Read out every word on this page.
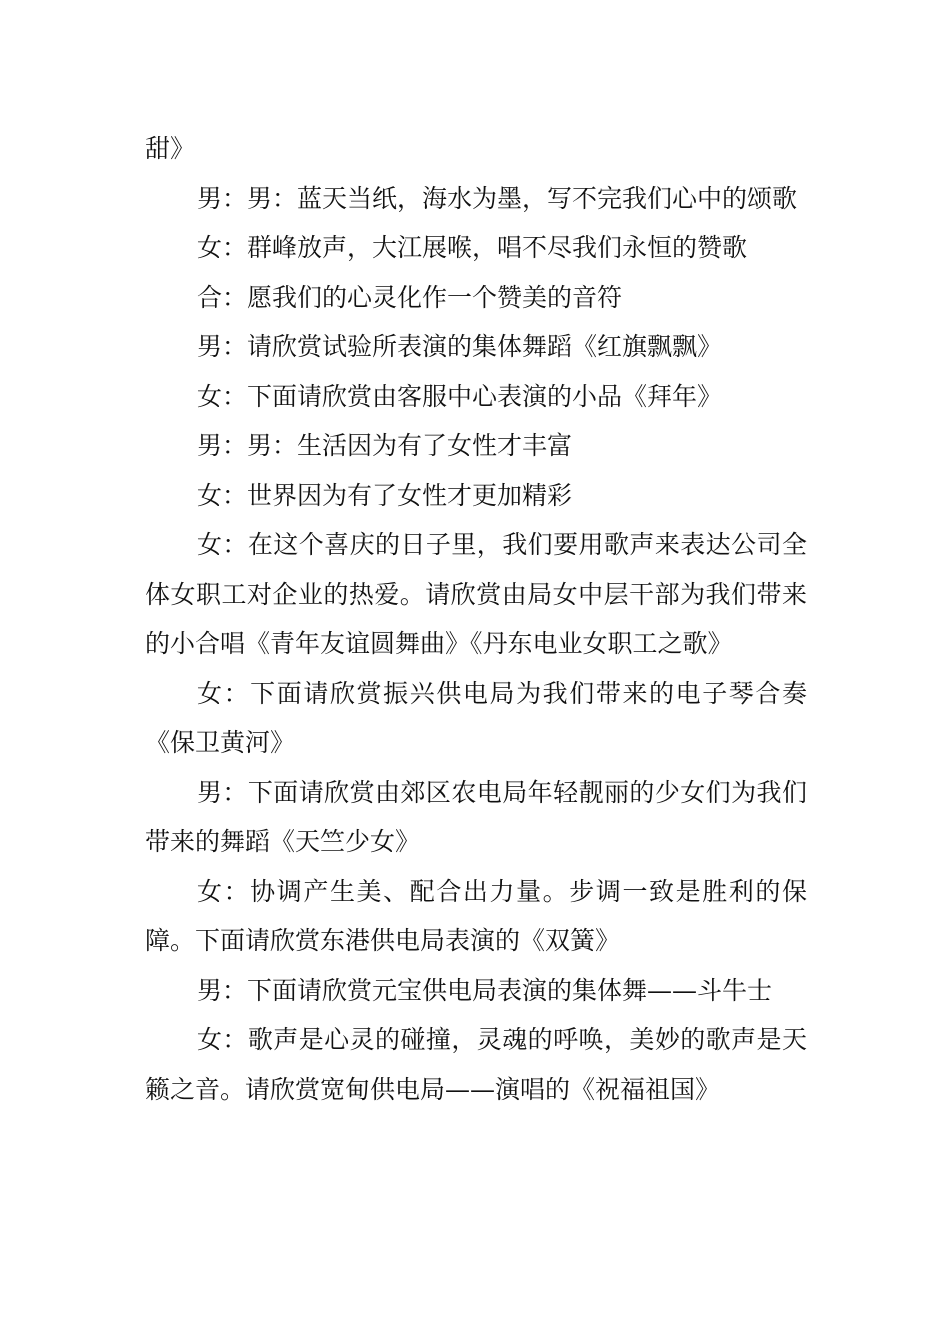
甜》

男：男：蓝天当纸，海水为墨，写不完我们心中的颂歌

女：群峰放声，大江展喉，唱不尽我们永恒的赞歌

合：愿我们的心灵化作一个赞美的音符

男：请欣赏试验所表演的集体舞蹈《红旗飘飘》

女：下面请欣赏由客服中心表演的小品《拜年》

男：男：生活因为有了女性才丰富

女：世界因为有了女性才更加精彩

女：在这个喜庆的日子里，我们要用歌声来表达公司全体女职工对企业的热爱。请欣赏由局女中层干部为我们带来的小合唱《青年友谊圆舞曲》《丹东电业女职工之歌》

女：下面请欣赏振兴供电局为我们带来的电子琴合奏《保卫黄河》

男：下面请欣赏由郊区农电局年轻靓丽的少女们为我们带来的舞蹈《天竺少女》

女：协调产生美、配合出力量。步调一致是胜利的保障。下面请欣赏东港供电局表演的《双簧》

男：下面请欣赏元宝供电局表演的集体舞——斗牛士

女：歌声是心灵的碰撞，灵魂的呼唤，美妙的歌声是天籁之音。请欣赏宽甸供电局——演唱的《祝福祖国》
